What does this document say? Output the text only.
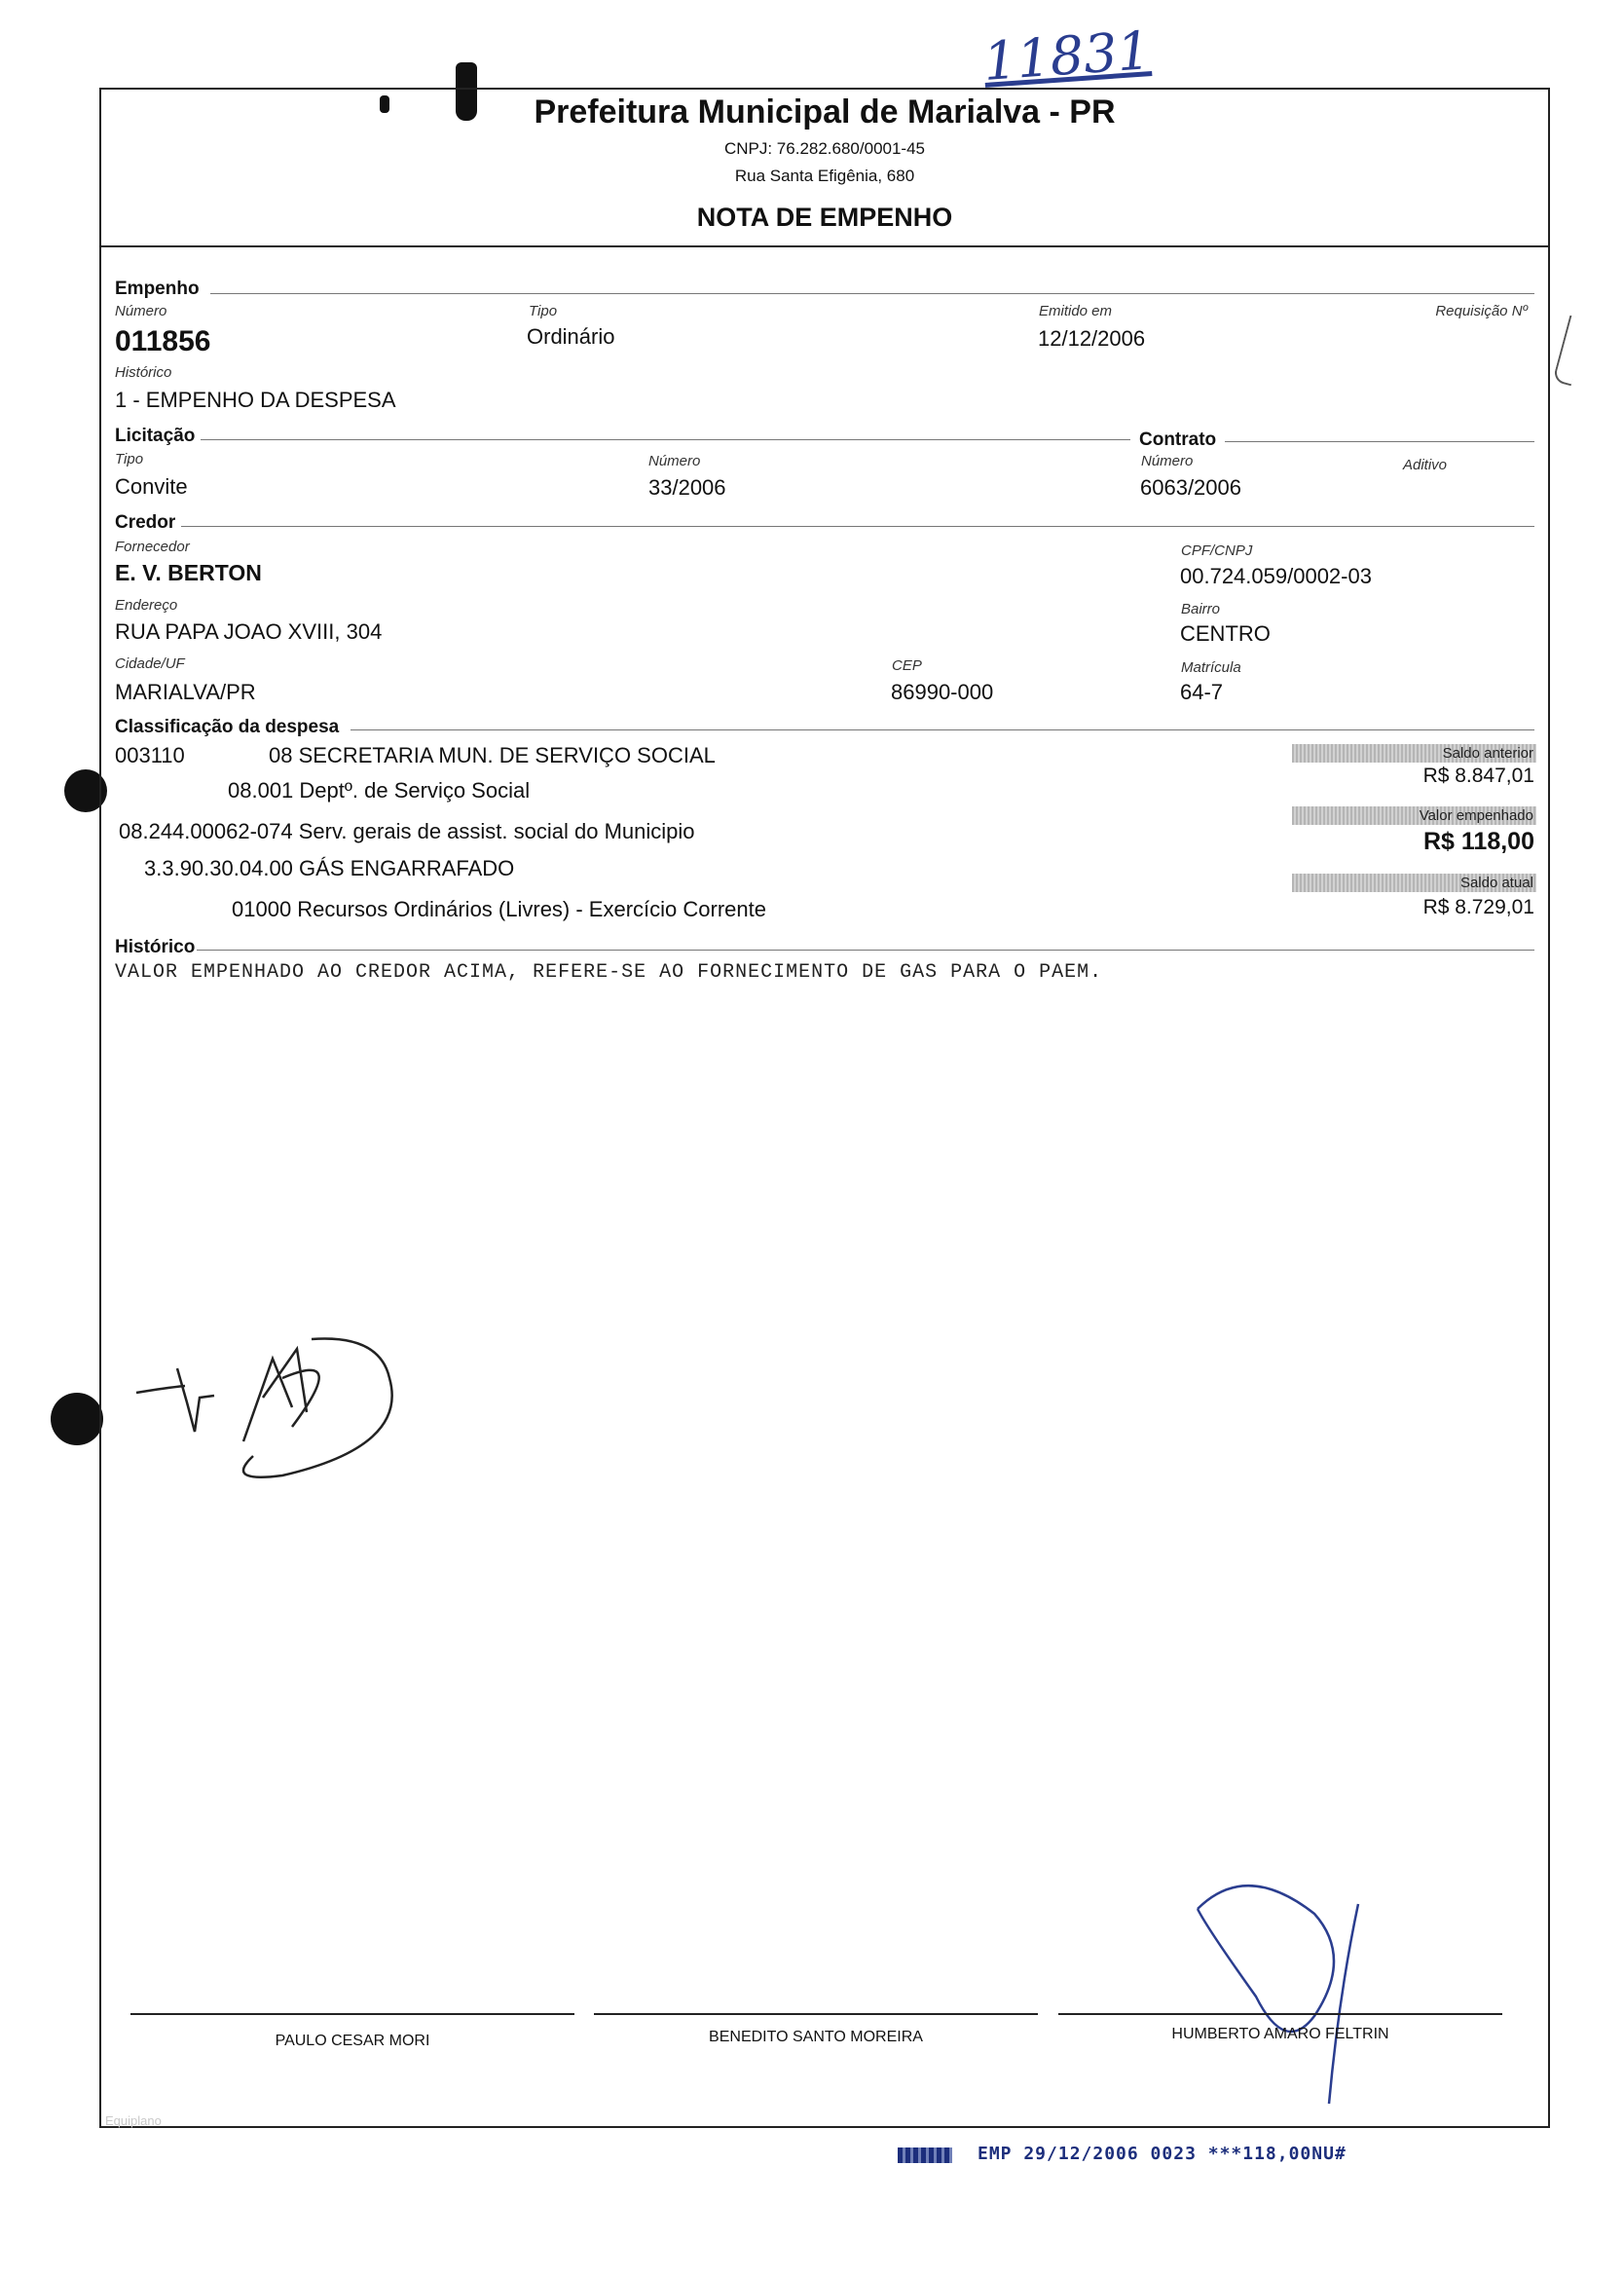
11831
Prefeitura Municipal de Marialva - PR
CNPJ: 76.282.680/0001-45
Rua Santa Efigênia, 680
NOTA DE EMPENHO
Empenho
Número
011856
Tipo
Ordinário
Emitido em
12/12/2006
Requisição Nº
Histórico
1 - EMPENHO DA DESPESA
Licitação	Contrato
Tipo
Convite
Número
33/2006
Número
6063/2006
Aditivo
Credor
Fornecedor
E. V. BERTON
CPF/CNPJ
00.724.059/0002-03
Endereço
RUA PAPA JOAO XVIII, 304
Bairro
CENTRO
Cidade/UF
MARIALVA/PR
CEP
86990-000
Matrícula
64-7
Classificação da despesa
003110	08 SECRETARIA MUN. DE SERVIÇO SOCIAL
08.001 Deptº. de Serviço Social
08.244.00062-074 Serv. gerais de assist. social do Municipio
3.3.90.30.04.00 GÁS ENGARRAFADO
01000 Recursos Ordinários (Livres) - Exercício Corrente
Saldo anterior
R$ 8.847,01
Valor empenhado
R$ 118,00
Saldo atual
R$ 8.729,01
Histórico
VALOR EMPENHADO AO CREDOR ACIMA, REFERE-SE AO FORNECIMENTO DE GAS PARA O PAEM.
PAULO CESAR MORI	BENEDITO SANTO MOREIRA	HUMBERTO AMARO FELTRIN
Equiplano
EMP 29/12/2006 0023 ***118,00NU#
